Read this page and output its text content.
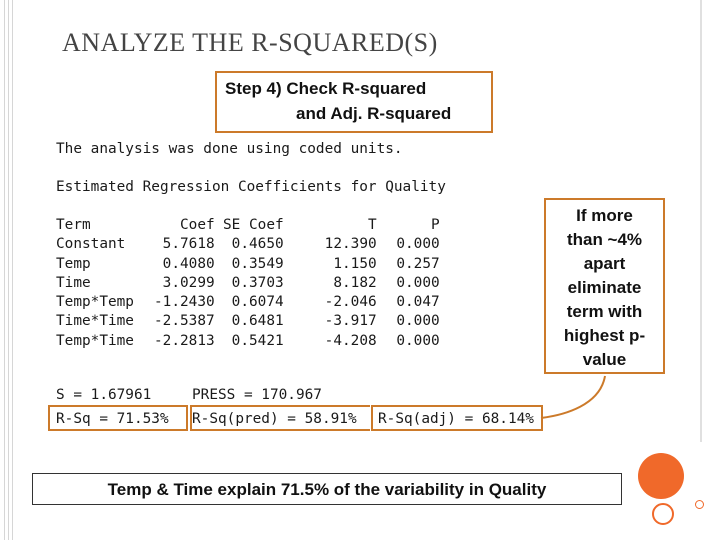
ANALYZE THE R-SQUARED(S)
Step 4) Check R-squared
and Adj. R-squared
The analysis was done using coded units.
Estimated Regression Coefficients for Quality
Term	Coef	SE Coef	T	P
Constant	5.7618	0.4650	12.390	0.000
Temp	0.4080	0.3549	1.150	0.257
Time	3.0299	0.3703	8.182	0.000
Temp*Temp	-1.2430	0.6074	-2.046	0.047
Time*Time	-2.5387	0.6481	-3.917	0.000
Temp*Time	-2.2813	0.5421	-4.208	0.000
If more
than ~4%
apart
eliminate
term with
highest p-
value
S = 1.67961	PRESS = 170.967
R-Sq = 71.53% R-Sq(pred) = 58.91% R-Sq(adj) = 68.14%
Temp & Time explain 71.5% of the variability in Quality
